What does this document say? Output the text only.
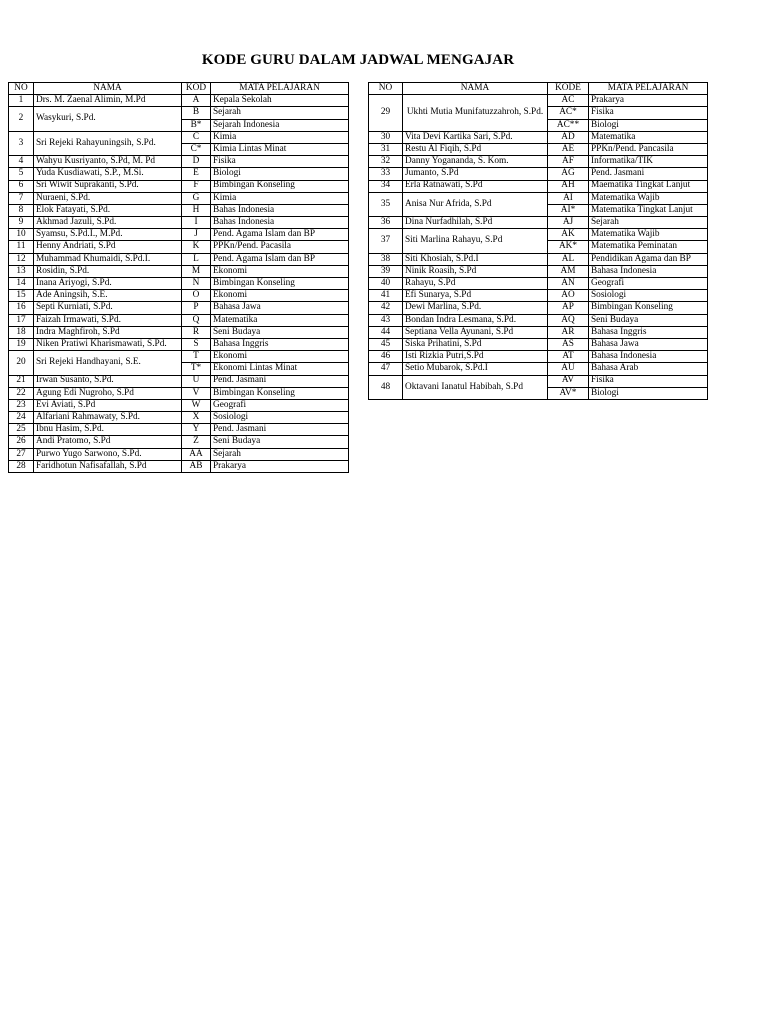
KODE GURU DALAM JADWAL MENGAJAR
NO	NAMA	KOD	MATA PELAJARAN
1	Drs. M. Zaenal Alimin, M.Pd	A	Kepala Sekolah
2	Wasykuri, S.Pd.	B	Sejarah
		B*	Sejarah Indonesia
3	Sri Rejeki Rahayuningsih, S.Pd.	C	Kimia
		C*	Kimia Lintas Minat
4	Wahyu Kusriyanto, S.Pd, M. Pd	D	Fisika
5	Yuda Kusdiawati, S.P., M.Si.	E	Biologi
6	Sri Wiwit Suprakanti, S.Pd.	F	Bimbingan Konseling
7	Nuraeni, S.Pd.	G	Kimia
8	Elok Fatayati, S.Pd.	H	Bahas Indonesia
9	Akhmad Jazuli, S.Pd.	I	Bahas Indonesia
10	Syamsu, S.Pd.I., M.Pd.	J	Pend. Agama Islam dan BP
11	Henny Andriati, S.Pd	K	PPKn/Pend. Pacasila
12	Muhammad Khumaidi, S.Pd.I.	L	Pend. Agama Islam dan BP
13	Rosidin, S.Pd.	M	Ekonomi
14	Inana Ariyogi, S.Pd.	N	Bimbingan Konseling
15	Ade Aningsih, S.E.	O	Ekonomi
16	Septi Kurniati, S.Pd.	P	Bahasa Jawa
17	Faizah Irmawati, S.Pd.	Q	Matematika
18	Indra Maghfiroh, S.Pd	R	Seni Budaya
19	Niken Pratiwi Kharismawati, S.Pd.	S	Bahasa Inggris
20	Sri Rejeki Handhayani, S.E.	T	Ekonomi
		T*	Ekonomi Lintas Minat
21	Irwan Susanto, S.Pd.	U	Pend. Jasmani
22	Agung Edi Nugroho, S.Pd	V	Bimbingan Konseling
23	Evi Aviati, S.Pd	W	Geografi
24	Alfariani Rahmawaty, S.Pd.	X	Sosiologi
25	Ibnu Hasim, S.Pd.	Y	Pend. Jasmani
26	Andi Pratomo, S.Pd	Z	Seni Budaya
27	Purwo Yugo Sarwono, S.Pd.	AA	Sejarah
28	Faridhotun Nafisafallah, S.Pd	AB	Prakarya
NO	NAMA	KODE	MATA PELAJARAN
29	Ukhti Mutia Munifatuzzahroh, S.Pd.	AC	Prakarya
		AC*	Fisika
		AC**	Biologi
30	Vita Devi Kartika Sari, S.Pd.	AD	Matematika
31	Restu Al Fiqih, S.Pd	AE	PPKn/Pend. Pancasila
32	Danny Yogananda, S. Kom.	AF	Informatika/TIK
33	Jumanto, S.Pd	AG	Pend. Jasmani
34	Erla Ratnawati, S.Pd	AH	Maematika Tingkat Lanjut
35	Anisa Nur Afrida, S.Pd	AI	Matematika Wajib
		AI*	Matematika Tingkat Lanjut
36	Dina Nurfadhilah, S.Pd	AJ	Sejarah
37	Siti Marlina Rahayu, S.Pd	AK	Matematika Wajib
		AK*	Matematika Peminatan
38	Siti Khosiah, S.Pd.I	AL	Pendidikan Agama dan BP
39	Ninik Roasih, S.Pd	AM	Bahasa Indonesia
40	Rahayu, S.Pd	AN	Geografi
41	Efi Sunarya, S.Pd	AO	Sosiologi
42	Dewi Marlina, S.Pd.	AP	Bimbingan Konseling
43	Bondan Indra Lesmana, S.Pd.	AQ	Seni Budaya
44	Septiana Vella Ayunani, S.Pd	AR	Bahasa Inggris
45	Siska Prihatini, S.Pd	AS	Bahasa Jawa
46	Isti Rizkia Putri,S.Pd	AT	Bahasa Indonesia
47	Setio Mubarok, S.Pd.I	AU	Bahasa Arab
48	Oktavani Ianatul Habibah, S.Pd	AV	Fisika
		AV*	Biologi
